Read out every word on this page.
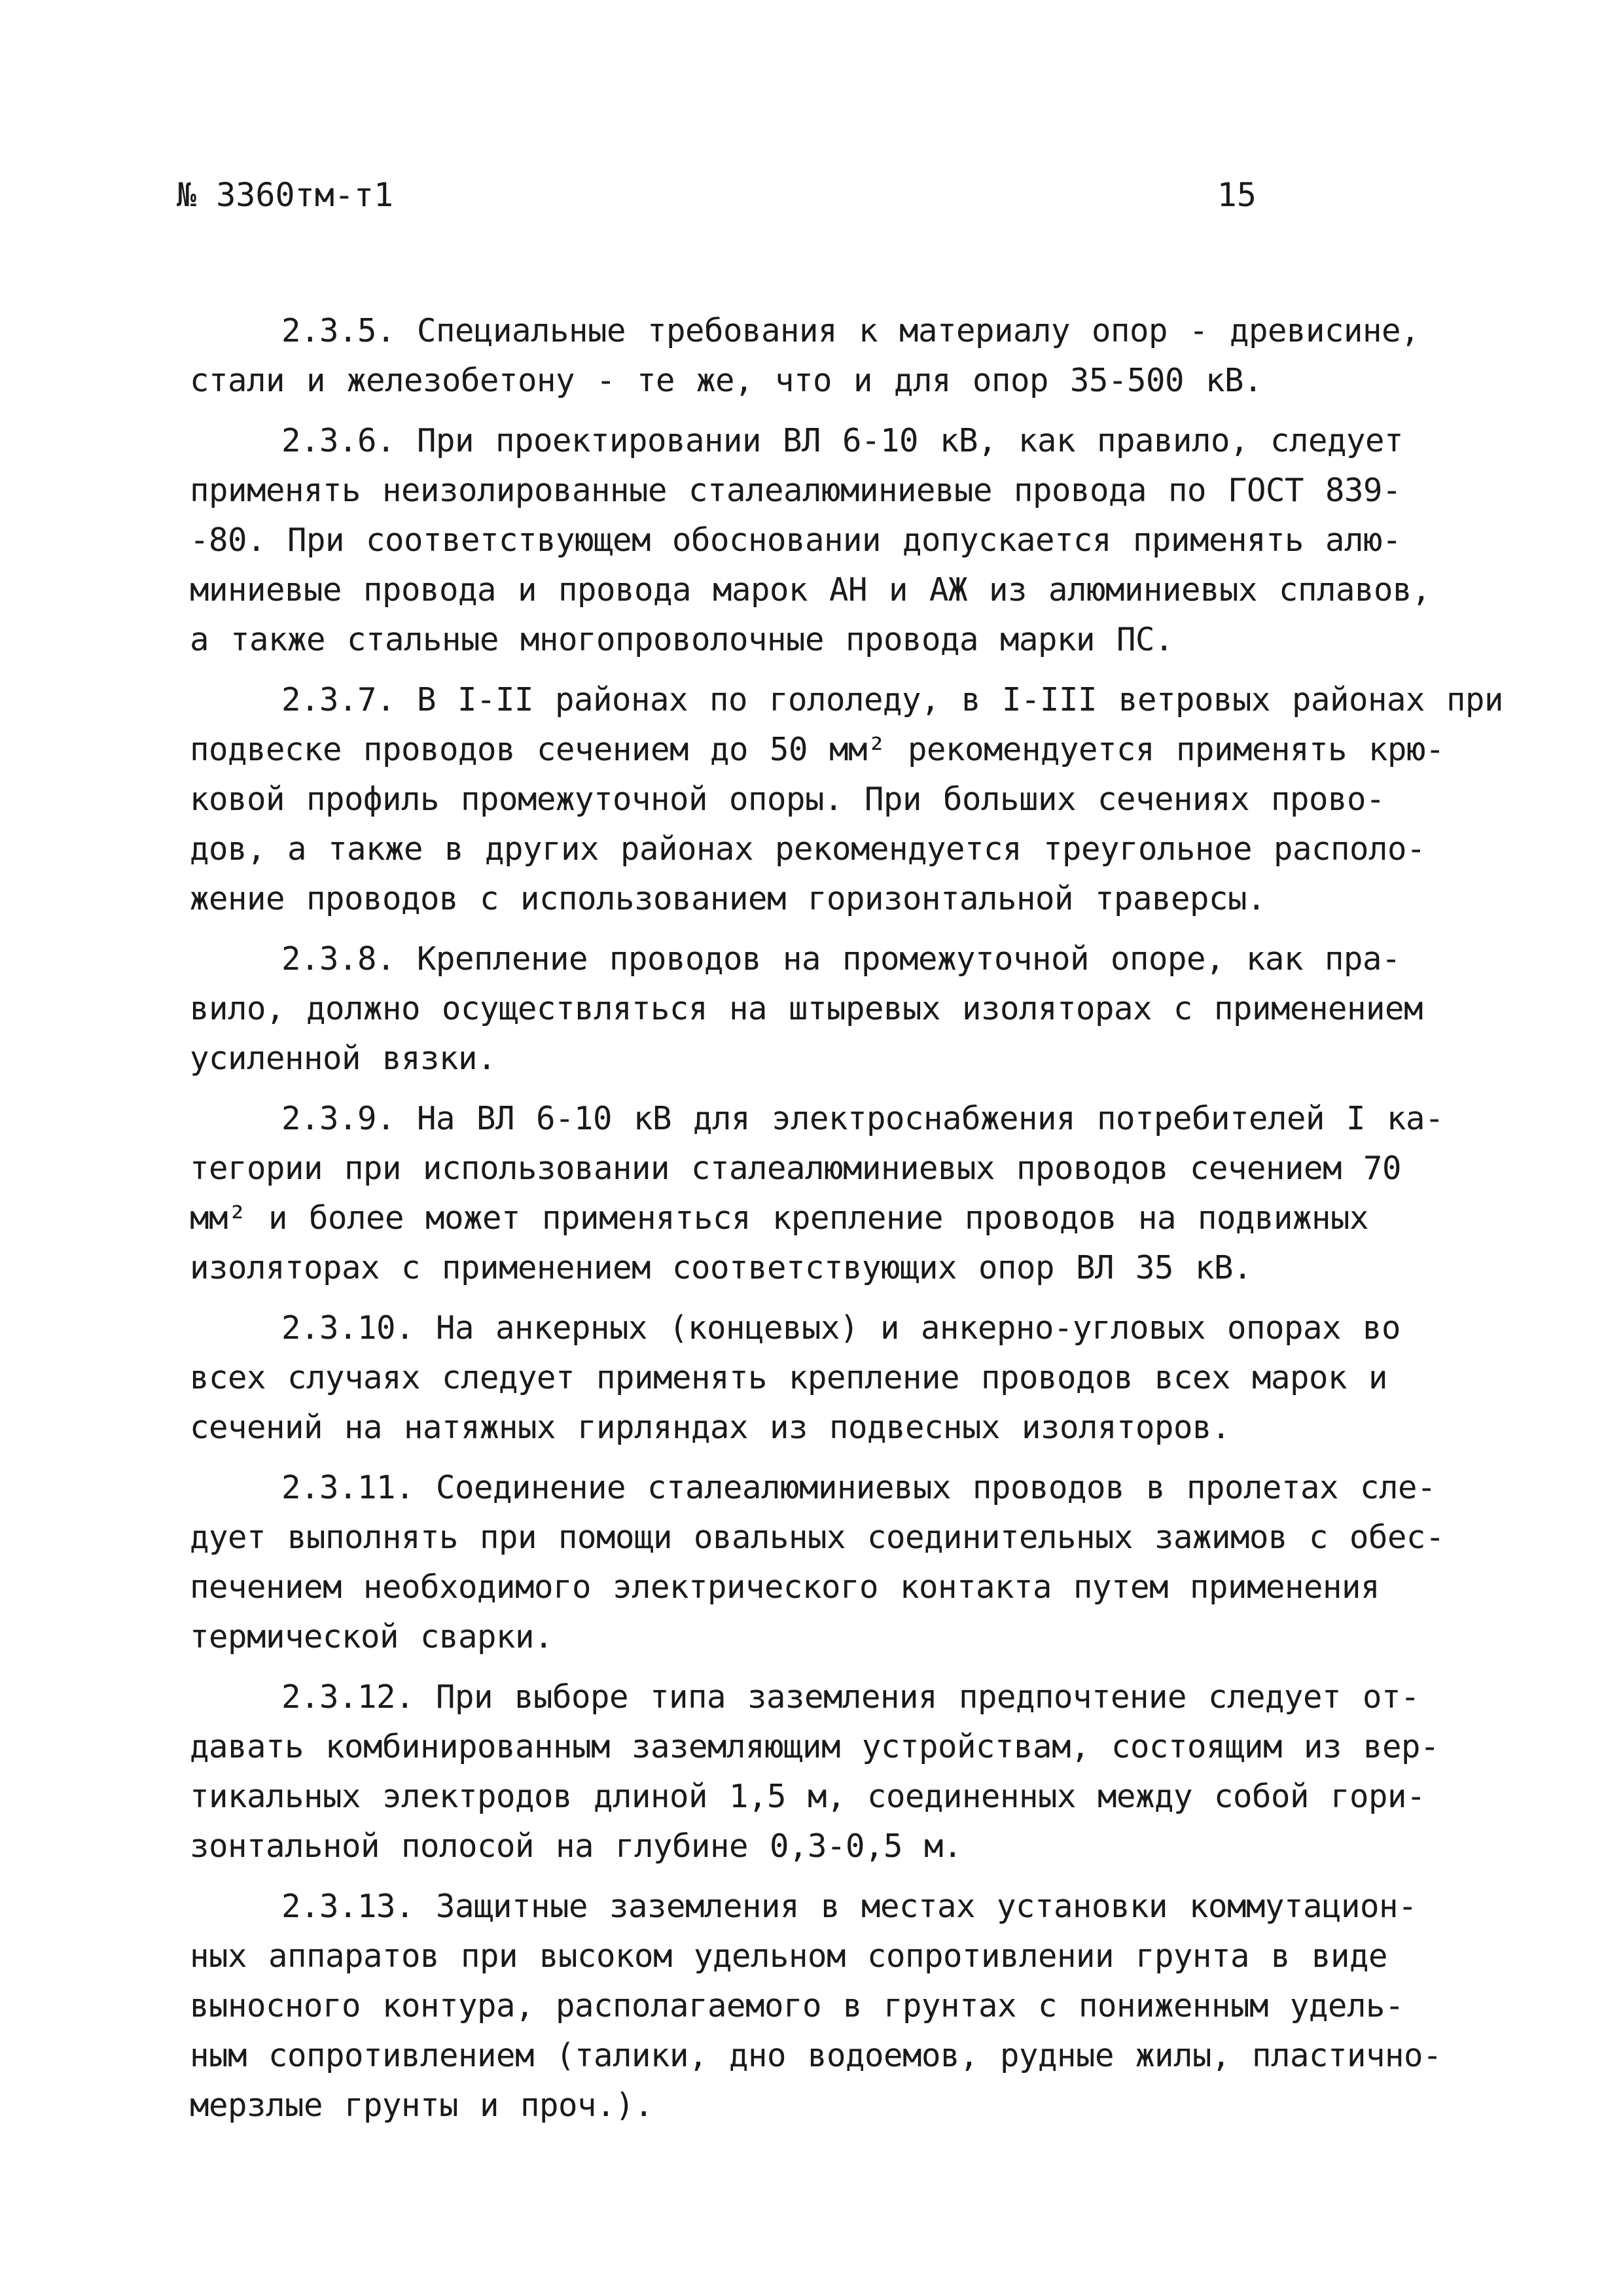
№ 3360тм-т1	15

2.3.5. Специальные требования к материалу опор - древисине,
стали и железобетону - те же, что и для опор 35-500 кВ.

2.3.6. При проектировании ВЛ 6-10 кВ, как правило, следует
применять неизолированные сталеалюминиевые провода по ГОСТ 839-
-80. При соответствующем обосновании допускается применять алю-
миниевые провода и провода марок АН и АЖ из алюминиевых сплавов,
а также стальные многопроволочные провода марки ПС.

2.3.7. В I-II районах по гололеду, в I-III ветровых районах при
подвеске проводов сечением до 50 мм² рекомендуется применять крю-
ковой профиль промежуточной опоры. При больших сечениях прово-
дов, а также в других районах рекомендуется треугольное располо-
жение проводов с использованием горизонтальной траверсы.

2.3.8. Крепление проводов на промежуточной опоре, как пра-
вило, должно осуществляться на штыревых изоляторах с применением
усиленной вязки.

2.3.9. На ВЛ 6-10 кВ для электроснабжения потребителей I ка-
тегории при использовании сталеалюминиевых проводов сечением 70
мм² и более может применяться крепление проводов на подвижных
изоляторах с применением соответствующих опор ВЛ 35 кВ.

2.3.10. На анкерных (концевых) и анкерно-угловых опорах во
всех случаях следует применять крепление проводов всех марок и
сечений на натяжных гирляндах из подвесных изоляторов.

2.3.11. Соединение сталеалюминиевых проводов в пролетах сле-
дует выполнять при помощи овальных соединительных зажимов с обес-
печением необходимого электрического контакта путем применения
термической сварки.

2.3.12. При выборе типа заземления предпочтение следует от-
давать комбинированным заземляющим устройствам, состоящим из вер-
тикальных электродов длиной 1,5 м, соединенных между собой гори-
зонтальной полосой на глубине 0,3-0,5 м.

2.3.13. Защитные заземления в местах установки коммутацион-
ных аппаратов при высоком удельном сопротивлении грунта в виде
выносного контура, располагаемого в грунтах с пониженным удель-
ным сопротивлением (талики, дно водоемов, рудные жилы, пластично-
мерзлые грунты и проч.).
